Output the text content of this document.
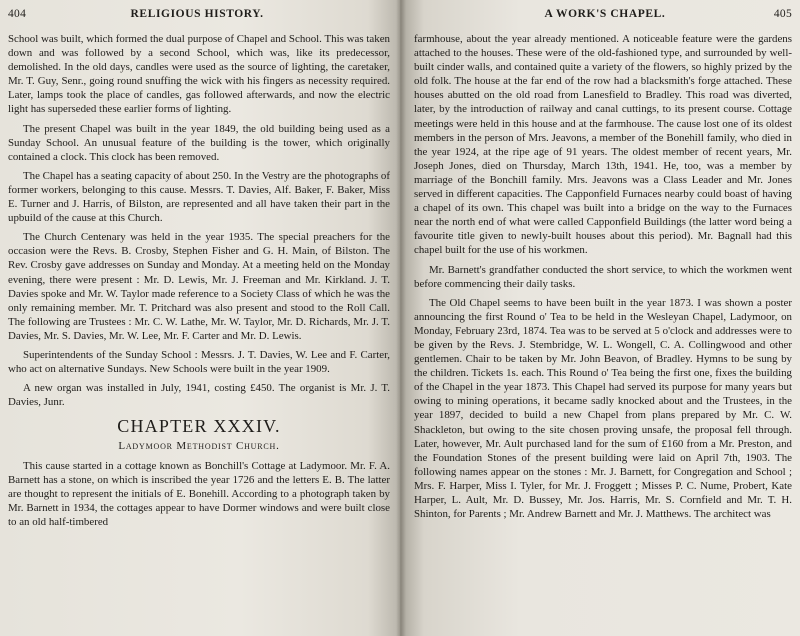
404	RELIGIOUS HISTORY.

School was built, which formed the dual purpose of Chapel and School. This was taken down and was followed by a second School, which was, like its predecessor, demolished. In the old days, candles were used as the source of lighting, the caretaker, Mr. T. Guy, Senr., going round snuffing the wick with his fingers as necessity required. Later, lamps took the place of candles, gas followed afterwards, and now the electric light has superseded these earlier forms of lighting.

The present Chapel was built in the year 1849, the old building being used as a Sunday School. An unusual feature of the building is the tower, which originally contained a clock. This clock has been removed.

The Chapel has a seating capacity of about 250. In the Vestry are the photographs of former workers, belonging to this cause. Messrs. T. Davies, Alf. Baker, F. Baker, Miss E. Turner and J. Harris, of Bilston, are represented and all have taken their part in the upbuild of the cause at this Church.

The Church Centenary was held in the year 1935. The special preachers for the occasion were the Revs. B. Crosby, Stephen Fisher and G. H. Main, of Bilston. The Rev. Crosby gave addresses on Sunday and Monday. At a meeting held on the Monday evening, there were present : Mr. D. Lewis, Mr. J. Freeman and Mr. Kirkland. J. T. Davies spoke and Mr. W. Taylor made reference to a Society Class of which he was the only remaining member. Mr. T. Pritchard was also present and stood to the Roll Call. The following are Trustees : Mr. C. W. Lathe, Mr. W. Taylor, Mr. D. Richards, Mr. J. T. Davies, Mr. S. Davies, Mr. W. Lee, Mr. F. Carter and Mr. D. Lewis.

Superintendents of the Sunday School : Messrs. J. T. Davies, W. Lee and F. Carter, who act on alternative Sundays. New Schools were built in the year 1909.

A new organ was installed in July, 1941, costing £450. The organist is Mr. J. T. Davies, Junr.

CHAPTER XXXIV.
Ladymoor Methodist Church.

This cause started in a cottage known as Bonchill's Cottage at Ladymoor. Mr. F. A. Barnett has a stone, on which is inscribed the year 1726 and the letters E. B. The latter are thought to represent the initials of E. Bonehill. According to a photograph taken by Mr. Barnett in 1934, the cottages appear to have Dormer windows and were built close to an old half-timbered

A WORK'S CHAPEL.	405

farmhouse, about the year already mentioned. A noticeable feature were the gardens attached to the houses. These were of the old-fashioned type, and surrounded by well-built cinder walls, and contained quite a variety of the flowers, so highly prized by the old folk. The house at the far end of the row had a blacksmith's forge attached. These houses abutted on the old road from Lanesfield to Bradley. This road was diverted, later, by the introduction of railway and canal cuttings, to its present course. Cottage meetings were held in this house and at the farmhouse. The cause lost one of its oldest members in the person of Mrs. Jeavons, a member of the Bonehill family, who died in the year 1924, at the ripe age of 91 years. The oldest member of recent years, Mr. Joseph Jones, died on Thursday, March 13th, 1941. He, too, was a member by marriage of the Bonchill family. Mrs. Jeavons was a Class Leader and Mr. Jones served in different capacities. The Capponfield Furnaces nearby could boast of having a chapel of its own. This chapel was built into a bridge on the way to the Furnaces near the north end of what were called Capponfield Buildings (the latter word being a favourite title given to newly-built houses about this period). Mr. Bagnall had this chapel built for the use of his workmen.

Mr. Barnett's grandfather conducted the short service, to which the workmen went before commencing their daily tasks.

The Old Chapel seems to have been built in the year 1873. I was shown a poster announcing the first Round o' Tea to be held in the Wesleyan Chapel, Ladymoor, on Monday, February 23rd, 1874. Tea was to be served at 5 o'clock and addresses were to be given by the Revs. J. Stembridge, W. L. Wongell, C. A. Collingwood and other gentlemen. Chair to be taken by Mr. John Beavon, of Bradley. Hymns to be sung by the children. Tickets 1s. each. This Round o' Tea being the first one, fixes the building of the Chapel in the year 1873. This Chapel had served its purpose for many years but owing to mining operations, it became sadly knocked about and the Trustees, in the year 1897, decided to build a new Chapel from plans prepared by Mr. C. W. Shackleton, but owing to the site chosen proving unsafe, the proposal fell through. Later, however, Mr. Ault purchased land for the sum of £160 from a Mr. Preston, and the Foundation Stones of the present building were laid on April 7th, 1903. The following names appear on the stones : Mr. J. Barnett, for Congregation and School ; Mrs. F. Harper, Miss I. Tyler, for Mr. J. Froggett ; Misses P. C. Nume, Probert, Kate Harper, L. Ault, Mr. D. Bussey, Mr. Jos. Harris, Mr. S. Cornfield and Mr. T. H. Shinton, for Parents ; Mr. Andrew Barnett and Mr. J. Matthews. The architect was
